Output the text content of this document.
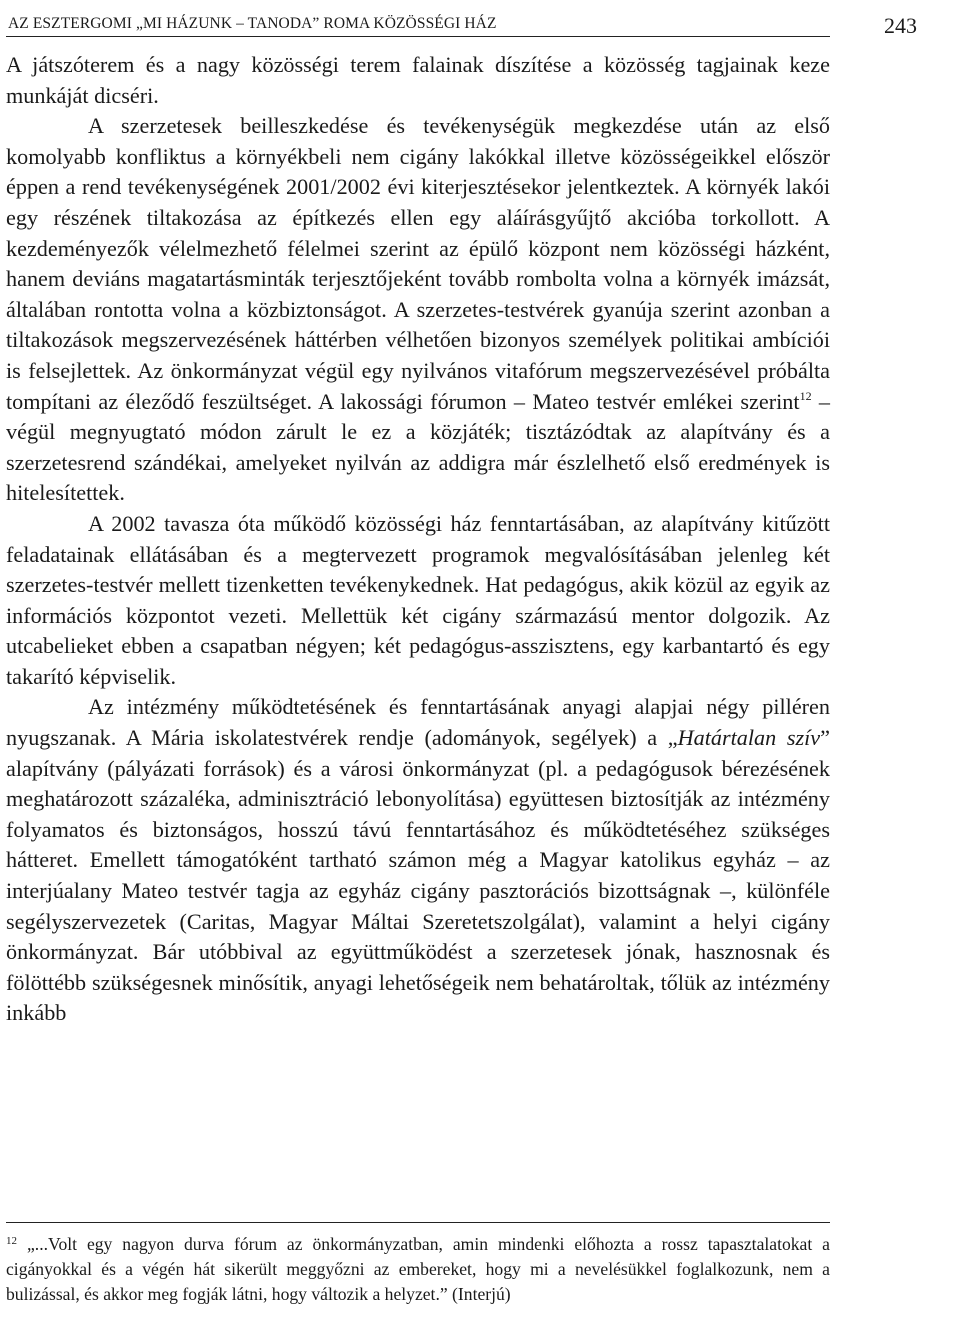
AZ ESZTERGOMI „MI HÁZUNK – TANODA” ROMA KÖZÖSSÉGI HÁZ	243

A játszóterem és a nagy közösségi terem falainak díszítése a közösség tagjainak keze munkáját dicséri.

A szerzetesek beilleszkedése és tevékenységük megkezdése után az első komolyabb konfliktus a környékbeli nem cigány lakókkal illetve közösségeikkel először éppen a rend tevékenységének 2001/2002 évi kiterjesztésekor jelentkeztek. A környék lakói egy részének tiltakozása az építkezés ellen egy aláírásgyűjtő akcióba torkollott. A kezdeményezők vélelmezhető félelmei szerint az épülő központ nem közösségi házként, hanem deviáns magatartásminták terjesztőjeként tovább rombolta volna a környék imázsát, általában rontotta volna a közbiztonságot. A szerzetes-testvérek gyanúja szerint azonban a tiltakozások megszervezésének háttérben vélhetően bizonyos személyek politikai ambíciói is felsejlettek. Az önkormányzat végül egy nyilvános vitafórum megszervezésével próbálta tompítani az éleződő feszültséget. A lakossági fórumon – Mateo testvér emlékei szerint$^{12}$ – végül megnyugtató módon zárult le ez a közjáték; tisztázódtak az alapítvány és a szerzetesrend szándékai, amelyeket nyilván az addigra már észlelhető első eredmények is hitelesítettek.

A 2002 tavasza óta működő közösségi ház fenntartásában, az alapítvány kitűzött feladatainak ellátásában és a megtervezett programok megvalósításában jelenleg két szerzetes-testvér mellett tizenketten tevékenykednek. Hat pedagógus, akik közül az egyik az információs központot vezeti. Mellettük két cigány származású mentor dolgozik. Az utcabelieket ebben a csapatban négyen; két pedagógus-asszisztens, egy karbantartó és egy takarító képviselik.

Az intézmény működtetésének és fenntartásának anyagi alapjai négy pilléren nyugszanak. A Mária iskolatestvérek rendje (adományok, segélyek) a „Határtalan szív” alapítvány (pályázati források) és a városi önkormányzat (pl. a pedagógusok bérezésének meghatározott százaléka, adminisztráció lebonyolítása) együttesen biztosítják az intézmény folyamatos és biztonságos, hosszú távú fenntartásához és működtetéséhez szükséges hátteret. Emellett támogatóként tartható számon még a Magyar katolikus egyház – az interjúalany Mateo testvér tagja az egyház cigány pasztorációs bizottságnak –, különféle segélyszervezetek (Caritas, Magyar Máltai Szeretetszolgálat), valamint a helyi cigány önkormányzat. Bár utóbbival az együttműködést a szerzetesek jónak, hasznosnak és fölöttébb szükségesnek minősítik, anyagi lehetőségeik nem behatároltak, tőlük az intézmény inkább

$^{12}$ „...Volt egy nagyon durva fórum az önkormányzatban, amin mindenki előhozta a rossz tapasztalatokat a cigányokkal és a végén hát sikerült meggyőzni az embereket, hogy mi a nevelésükkel foglalkozunk, nem a bulizással, és akkor meg fogják látni, hogy változik a helyzet.” (Interjú)
